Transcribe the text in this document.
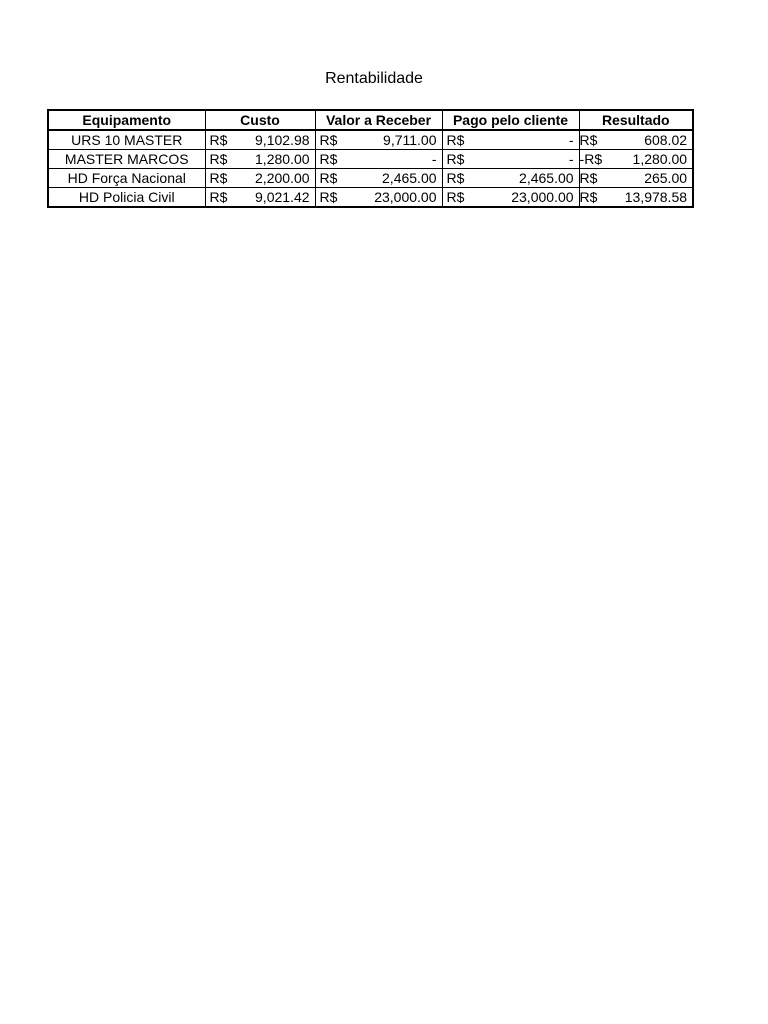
Rentabilidade
Equipamento	Custo		Valor a Receber		Pago pelo cliente		Resultado	
URS 10 MASTER	R$	9,102.98	R$	9,711.00	R$	-	R$	608.02
MASTER MARCOS	R$	1,280.00	R$	-	R$	-	-R$	1,280.00
HD Força Nacional	R$	2,200.00	R$	2,465.00	R$	2,465.00	R$	265.00
HD Policia Civil	R$	9,021.42	R$	23,000.00	R$	23,000.00	R$	13,978.58
